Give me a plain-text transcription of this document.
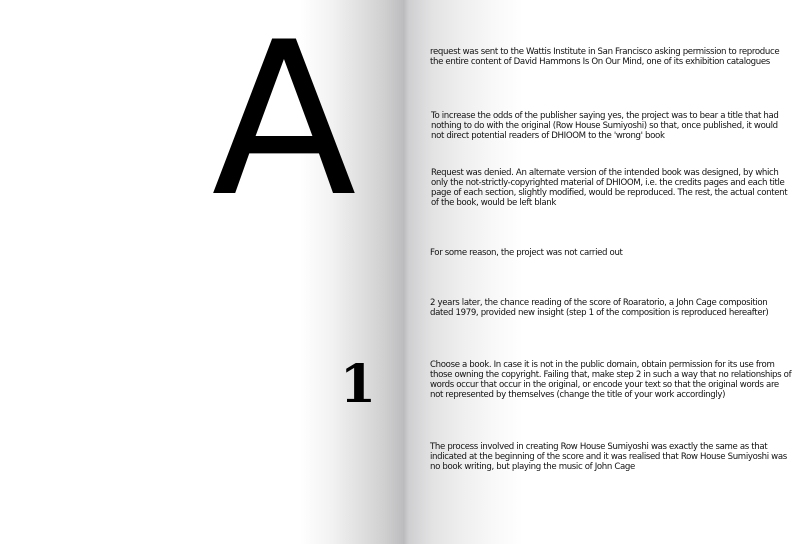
A
1

request was sent to the Wattis Institute in San Francisco asking permission to reproduce the entire content of David Hammons Is On Our Mind, one of its exhibition catalogues

To increase the odds of the publisher saying yes, the project was to bear a title that had nothing to do with the original (Row House Sumiyoshi) so that, once published, it would not direct potential readers of DHIOOM to the 'wrong' book

Request was denied. An alternate version of the intended book was designed, by which only the not-strictly-copyrighted material of DHIOOM, i.e. the credits pages and each title page of each section, slightly modified, would be reproduced. The rest, the actual content of the book, would be left blank

For some reason, the project was not carried out

2 years later, the chance reading of the score of Roaratorio, a John Cage composition dated 1979, provided new insight (step 1 of the composition is reproduced hereafter)

Choose a book. In case it is not in the public domain, obtain permission for its use from those owning the copyright. Failing that, make step 2 in such a way that no relationships of words occur that occur in the original, or encode your text so that the original words are not represented by themselves (change the title of your work accordingly)

The process involved in creating Row House Sumiyoshi was exactly the same as that indicated at the beginning of the score and it was realised that Row House Sumiyoshi was no book writing, but playing the music of John Cage
